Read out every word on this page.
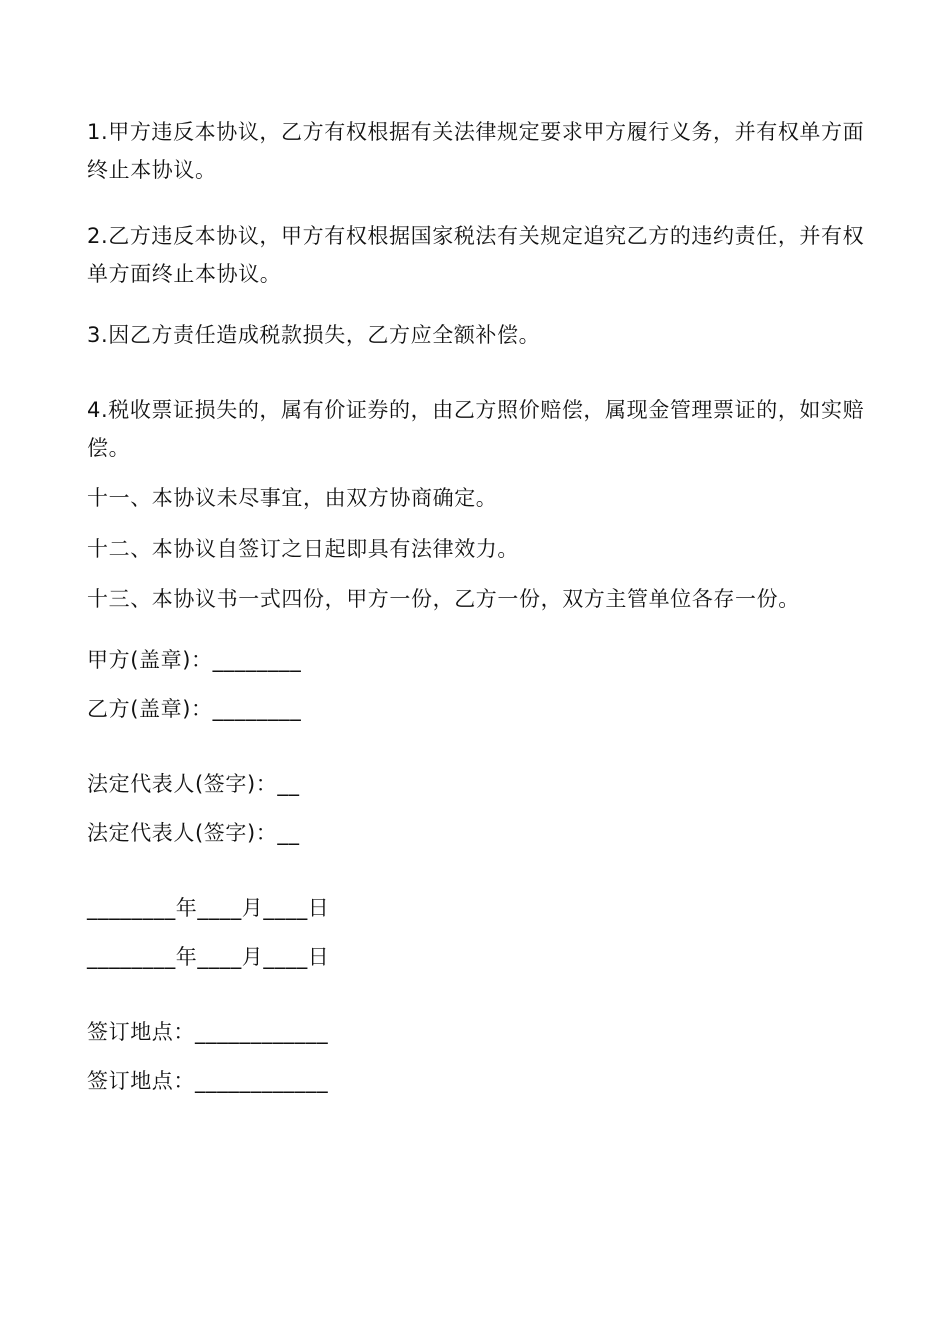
1.甲方违反本协议，乙方有权根据有关法律规定要求甲方履行义务，并有权单方面终止本协议。

2.乙方违反本协议，甲方有权根据国家税法有关规定追究乙方的违约责任，并有权单方面终止本协议。

3.因乙方责任造成税款损失，乙方应全额补偿。

4.税收票证损失的，属有价证券的，由乙方照价赔偿，属现金管理票证的，如实赔偿。

十一、本协议未尽事宜，由双方协商确定。
十二、本协议自签订之日起即具有法律效力。
十三、本协议书一式四份，甲方一份，乙方一份，双方主管单位各存一份。
甲方(盖章)：________
乙方(盖章)：________
法定代表人(签字)：__
法定代表人(签字)：__
________年____月____日
________年____月____日
签订地点：____________
签订地点：____________
